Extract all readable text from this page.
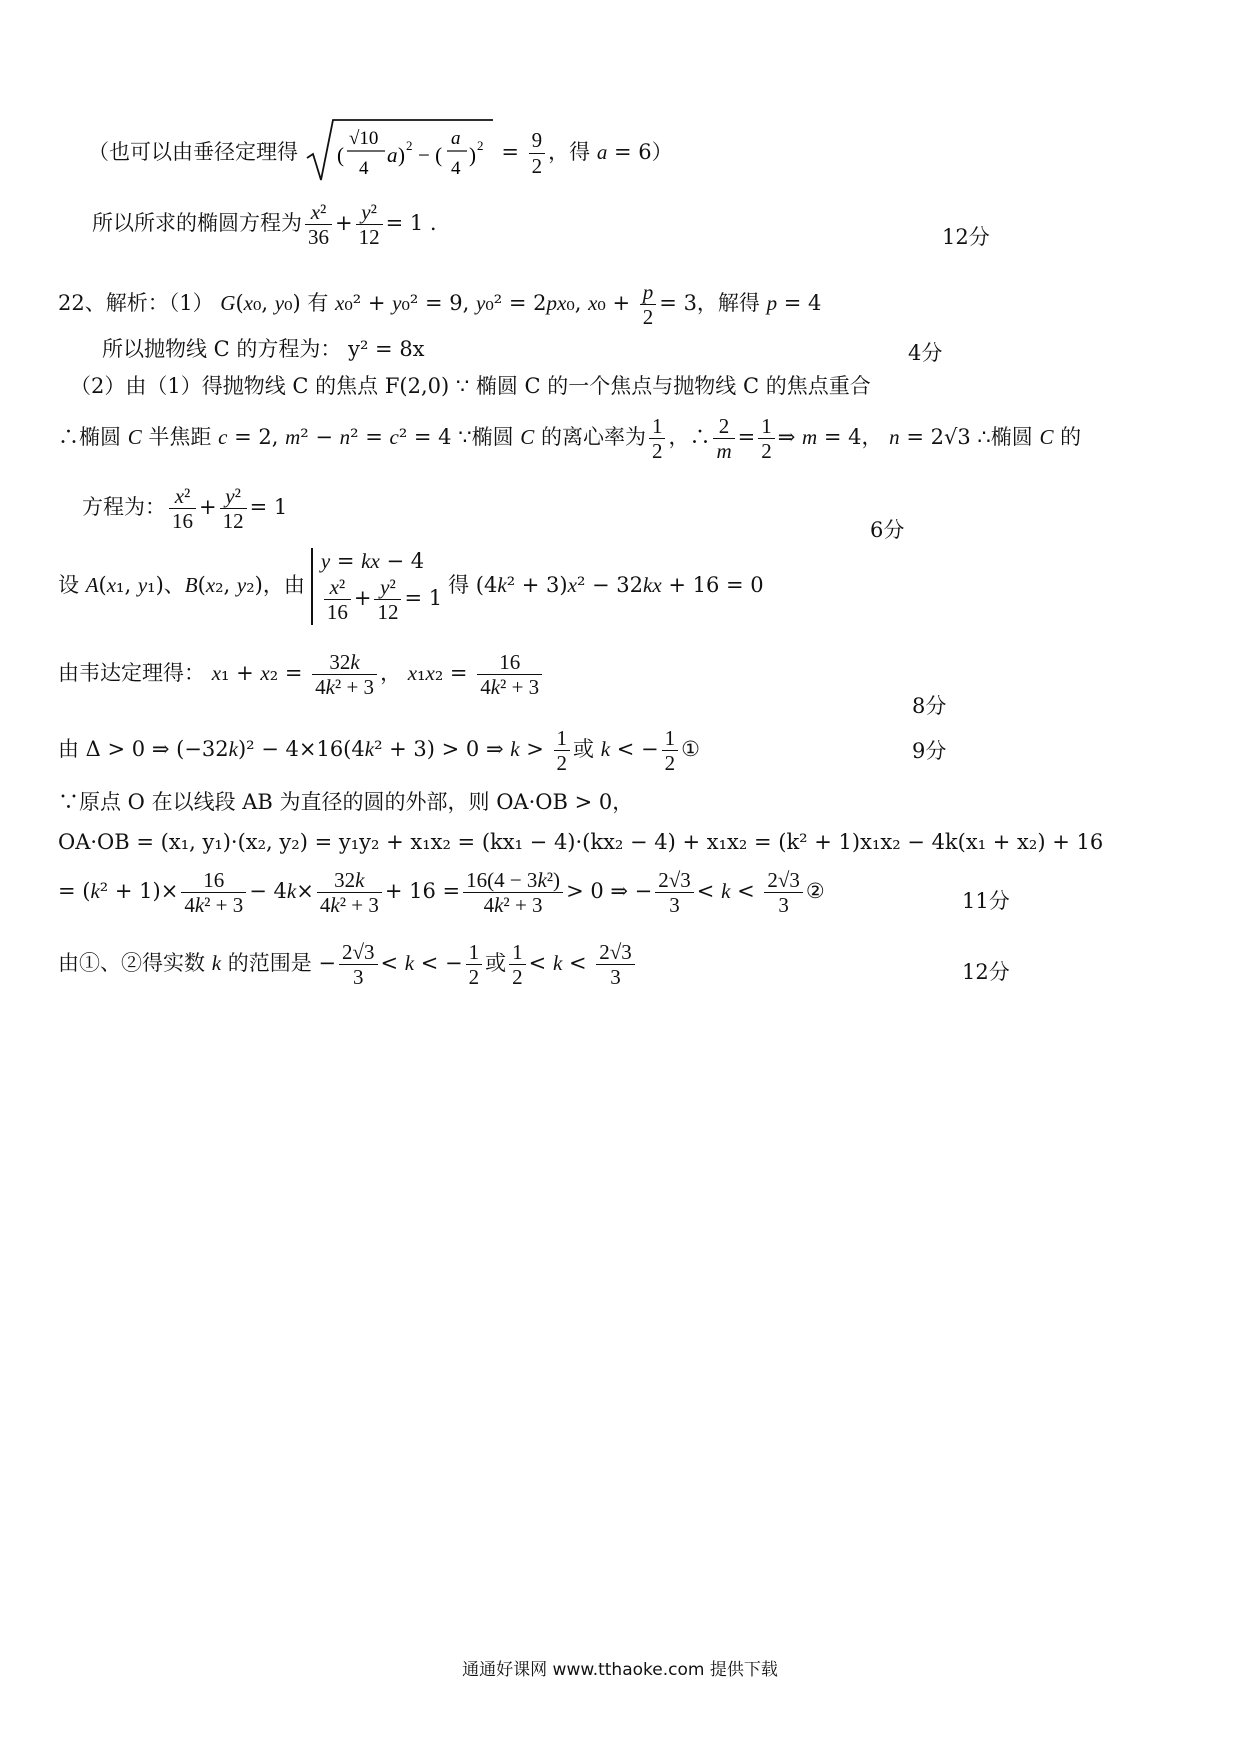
（也可以由垂径定理得 (
√10
4
a ) 2 − (
a
4
) $2 = \frac{9}{2}$ ，得 a = 6）
所以所求的椭圆方程为 $\frac{\text{x²}}{36} + \frac{\text{y²}}{12} = 1$ .
12分
22、解析：（1） G(x₀, y₀) 有 x₀² + y₀² = 9, y₀² = 2px₀, $x_0 + \frac{p}{2} = 3$，解得 p = 4
所以抛物线 C 的方程为： y² = 8x	4分
（2）由（1）得抛物线 C 的焦点 F(2,0) ∵ 椭圆 C 的一个焦点与抛物线 C 的焦点重合
∴椭圆 C 半焦距 c = 2, m² − n² = c² = 4 ∵椭圆 C 的离心率为 $\frac{1}{2}$ ，∴ $\frac{2}{m} = \frac{1}{2}$ ⇒ m = 4， n = 2√3 ∴椭圆 C 的
方程为： $\frac{\text{x²}}{16} + \frac{\text{y²}}{12} = 1$
6分
设 A(x₁, y₁)、B(x₂, y₂)，由
y = kx − 4
$\frac{\text{x²}}{16} + \frac{\text{y²}}{12} = 1$
得 (4k² + 3)x² − 32kx + 16 = 0
由韦达定理得： $x_1 + x_2 = \frac{32k}{\text{4k² + 3}}$ ， $x_1x_2 = \frac{16}{\text{4k² + 3}}$
8分
由 Δ > 0 ⇒ (−32k)² − 4×16(4k² + 3) > 0 ⇒ $k > \frac{1}{2}$ 或 k < − $\frac{1}{2}$ ①	9分
∵原点 O 在以线段 AB 为直径的圆的外部，则 OA·OB > 0，
OA·OB = (x₁, y₁)·(x₂, y₂) = y₁y₂ + x₁x₂ = (kx₁ − 4)·(kx₂ − 4) + x₁x₂ = (k² + 1)x₁x₂ − 4k(x₁ + x₂) + 16
= $(k^2 + 1)\times \frac{16}{\text{4k² + 3}} - 4k\times \frac{32k}{\text{4k² + 3}} + 16 = \frac{\text{16(4 − 3k²)}}{\text{4k² + 3}} > 0$ ⇒ − $\frac{2√3}{3} < k < \frac{2√3}{3}$ ②	11分
由①、②得实数 k 的范围是 − $\frac{2√3}{3} < k$ < − $\frac{1}{2}$ 或 $\frac{1}{2} < k < \frac{2√3}{3}$	12分
通通好课网 www.tthaoke.com 提供下载
